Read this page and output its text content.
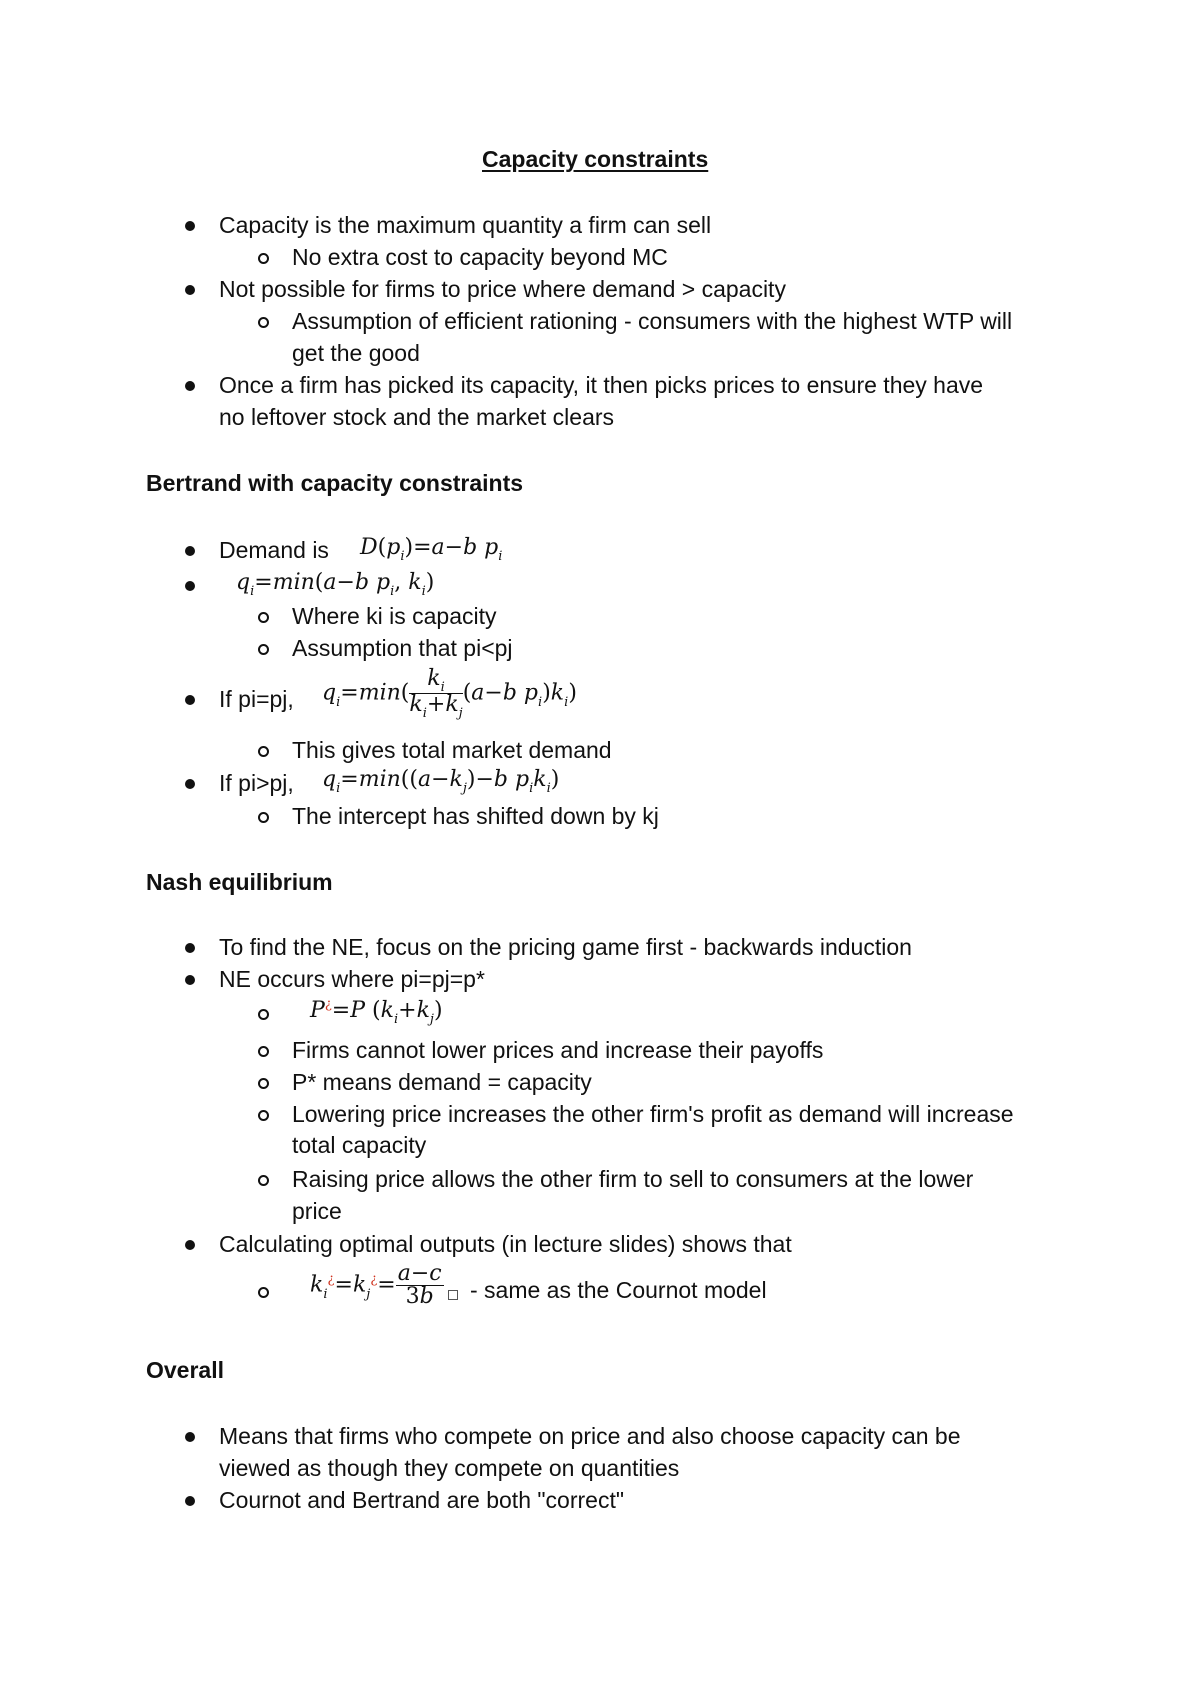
Capacity constraints
Capacity is the maximum quantity a firm can sell
No extra cost to capacity beyond MC
Not possible for firms to price where demand > capacity
Assumption of efficient rationing - consumers with the highest WTP will
get the good
Once a firm has picked its capacity, it then picks prices to ensure they have
no leftover stock and the market clears
Bertrand with capacity constraints
Demand is $D(p_i)=a-b$ $p_i$
$q_i=\min(a-b$ $p_i$, $k_i$)
Where ki is capacity
Assumption that pi<pj
If pi=pj, $q_i=\min( \frac{k_i}{k_i+k_j} (a-b$ $p_i)k_i$)
This gives total market demand
If pi>pj, $q_i=\min((a-k_j)-b$ $p_ik_i$)
The intercept has shifted down by kj
Nash equilibrium
To find the NE, focus on the pricing game first - backwards induction
NE occurs where pi=pj=p*
P¿=P $(k_i+k_j)$
Firms cannot lower prices and increase their payoffs
P* means demand = capacity
Lowering price increases the other firm's profit as demand will increase
total capacity
Raising price allows the other firm to sell to consumers at the lower
price
Calculating optimal outputs (in lecture slides) shows that
$k_i^¿=k_j^¿= \frac{a-c}{3b}$ - same as the Cournot model
Overall
Means that firms who compete on price and also choose capacity can be
viewed as though they compete on quantities
Cournot and Bertrand are both "correct"
